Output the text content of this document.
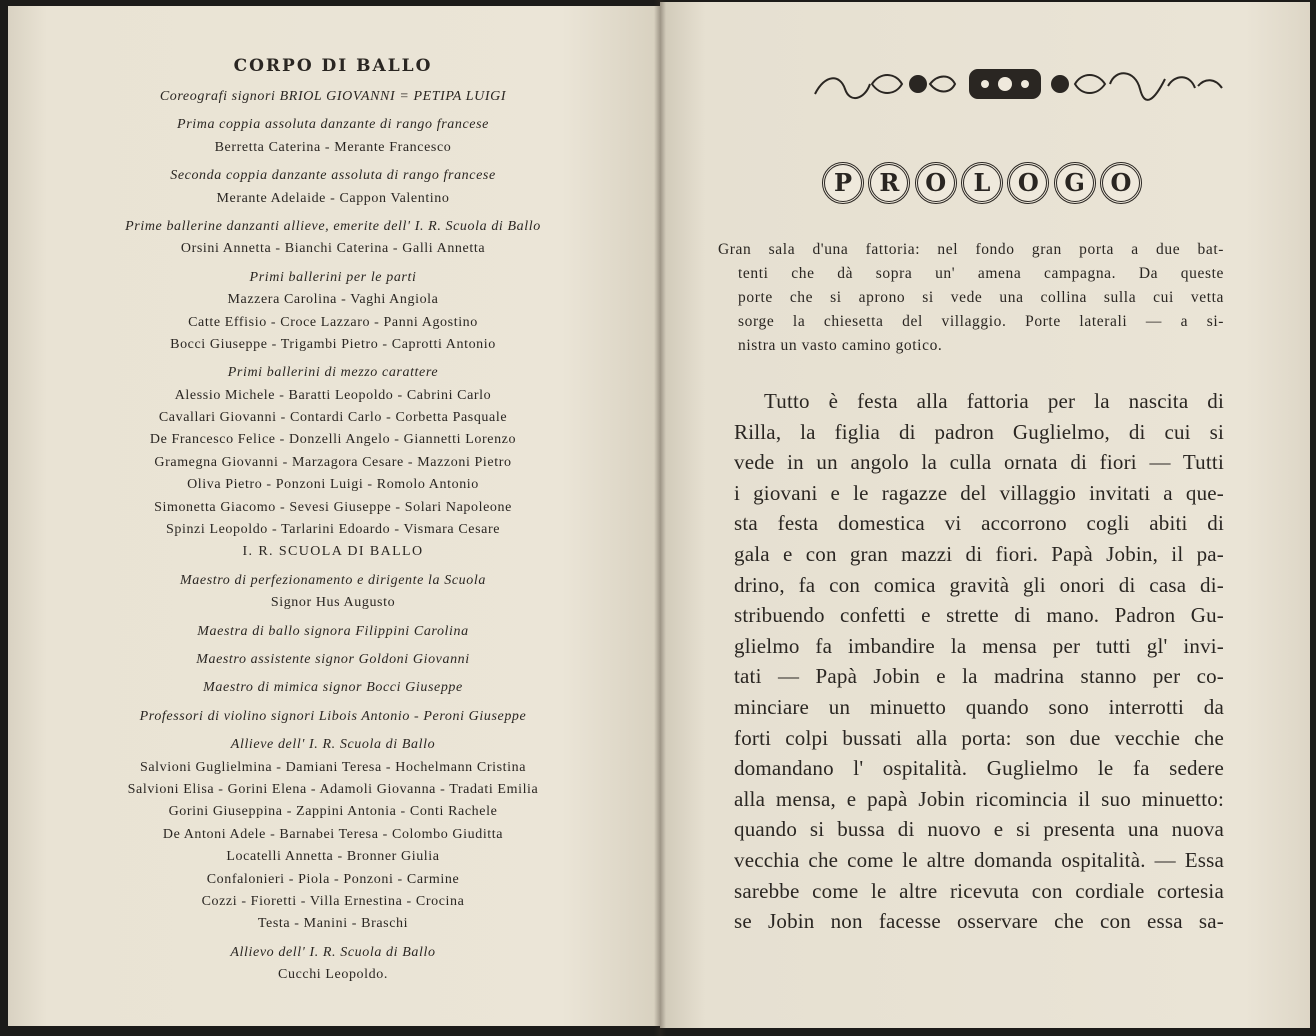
CORPO DI BALLO
Coreografi signori BRIOL GIOVANNI = PETIPA LUIGI
Prima coppia assoluta danzante di rango francese
Berretta Caterina - Merante Francesco
Seconda coppia danzante assoluta di rango francese
Merante Adelaide - Cappon Valentino
Prime ballerine danzanti allieve, emerite dell' I. R. Scuola di Ballo
Orsini Annetta - Bianchi Caterina - Galli Annetta
Primi ballerini per le parti
Mazzera Carolina - Vaghi Angiola
Catte Effisio - Croce Lazzaro - Panni Agostino
Bocci Giuseppe - Trigambi Pietro - Caprotti Antonio
Primi ballerini di mezzo carattere
Alessio Michele - Baratti Leopoldo - Cabrini Carlo
Cavallari Giovanni - Contardi Carlo - Corbetta Pasquale
De Francesco Felice - Donzelli Angelo - Giannetti Lorenzo
Gramegna Giovanni - Marzagora Cesare - Mazzoni Pietro
Oliva Pietro - Ponzoni Luigi - Romolo Antonio
Simonetta Giacomo - Sevesi Giuseppe - Solari Napoleone
Spinzi Leopoldo - Tarlarini Edoardo - Vismara Cesare
I. R. SCUOLA DI BALLO
Maestro di perfezionamento e dirigente la Scuola
Signor Hus Augusto
Maestra di ballo signora Filippini Carolina
Maestro assistente signor Goldoni Giovanni
Maestro di mimica signor Bocci Giuseppe
Professori di violino signori Libois Antonio - Peroni Giuseppe
Allieve dell' I. R. Scuola di Ballo
Salvioni Guglielmina - Damiani Teresa - Hochelmann Cristina
Salvioni Elisa - Gorini Elena - Adamoli Giovanna - Tradati Emilia
Gorini Giuseppina - Zappini Antonia - Conti Rachele
De Antoni Adele - Barnabei Teresa - Colombo Giuditta
Locatelli Annetta - Bronner Giulia
Confalonieri - Piola - Ponzoni - Carmine
Cozzi - Fioretti - Villa Ernestina - Crocina
Testa - Manini - Braschi
Allievo dell' I. R. Scuola di Ballo
Cucchi Leopoldo.
P	R	O	L	O	G	O

Gran sala d'una fattoria: nel fondo gran porta a due bat-

tenti che dà sopra un' amena campagna. Da queste

porte che si aprono si vede una collina sulla cui vetta

sorge la chiesetta del villaggio. Porte laterali — a si-

nistra un vasto camino gotico.

Tutto è festa alla fattoria per la nascita di

Rilla, la figlia di padron Guglielmo, di cui si

vede in un angolo la culla ornata di fiori — Tutti

i giovani e le ragazze del villaggio invitati a que-

sta festa domestica vi accorrono cogli abiti di

gala e con gran mazzi di fiori. Papà Jobin, il pa-

drino, fa con comica gravità gli onori di casa di-

stribuendo confetti e strette di mano. Padron Gu-

glielmo fa imbandire la mensa per tutti gl' invi-

tati — Papà Jobin e la madrina stanno per co-

minciare un minuetto quando sono interrotti da

forti colpi bussati alla porta: son due vecchie che

domandano l' ospitalità. Guglielmo le fa sedere

alla mensa, e papà Jobin ricomincia il suo minuetto:

quando si bussa di nuovo e si presenta una nuova

vecchia che come le altre domanda ospitalità. — Essa

sarebbe come le altre ricevuta con cordiale cortesia

se Jobin non facesse osservare che con essa sa-
